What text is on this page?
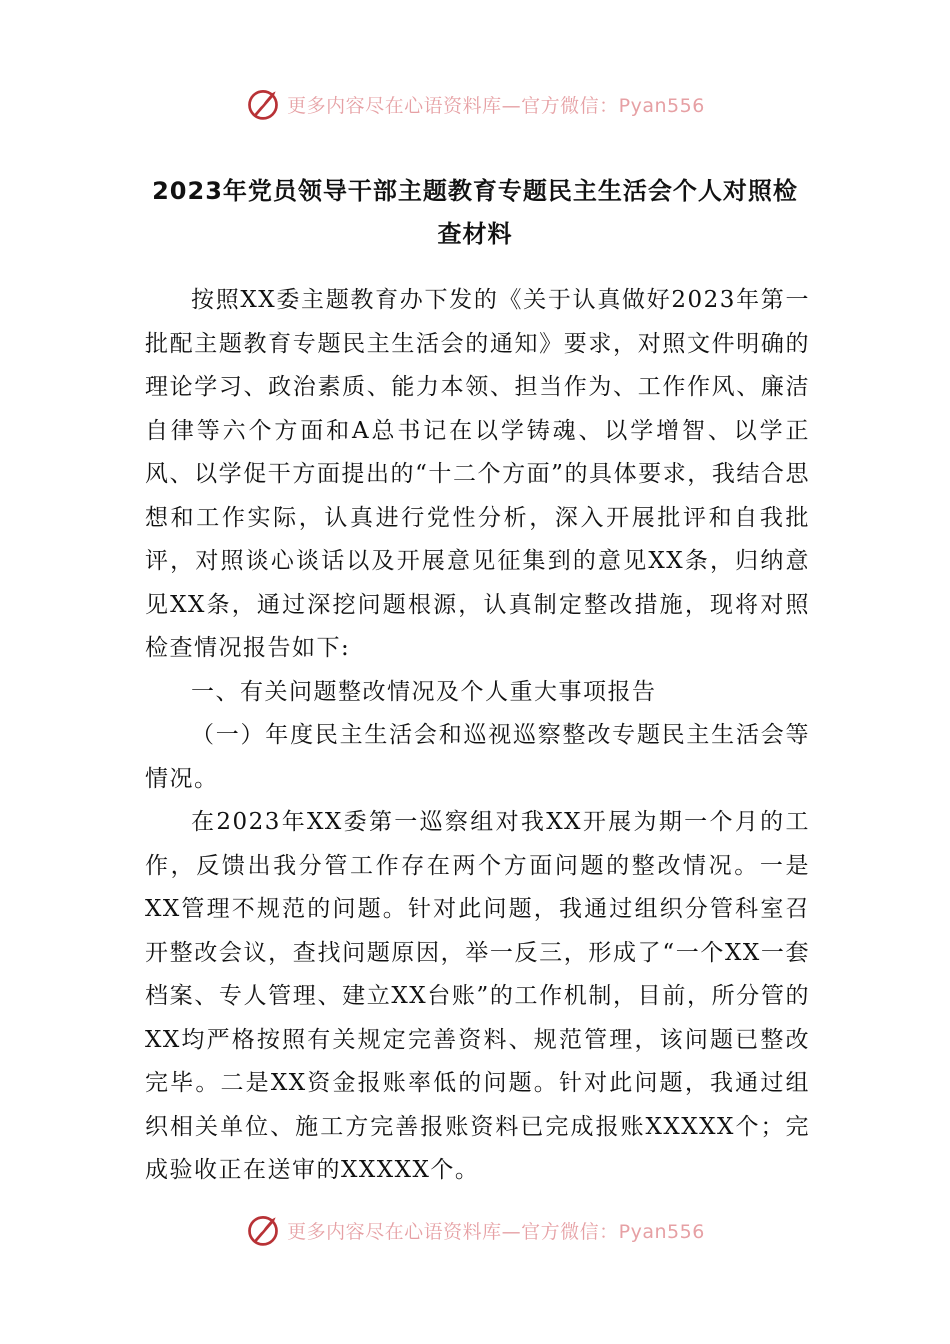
更多内容尽在心语资料库—官方微信：Pyan556
2023年党员领导干部主题教育专题民主生活会个人对照检查材料

按照XX委主题教育办下发的《关于认真做好2023年第一批配主题教育专题民主生活会的通知》要求，对照文件明确的理论学习、政治素质、能力本领、担当作为、工作作风、廉洁自律等六个方面和A总书记在以学铸魂、以学增智、以学正风、以学促干方面提出的“十二个方面”的具体要求，我结合思想和工作实际，认真进行党性分析，深入开展批评和自我批评，对照谈心谈话以及开展意见征集到的意见XX条，归纳意见XX条，通过深挖问题根源，认真制定整改措施，现将对照检查情况报告如下:

一、有关问题整改情况及个人重大事项报告

（一）年度民主生活会和巡视巡察整改专题民主生活会等情况。

在2023年XX委第一巡察组对我XX开展为期一个月的工作，反馈出我分管工作存在两个方面问题的整改情况。一是XX管理不规范的问题。针对此问题，我通过组织分管科室召开整改会议，查找问题原因，举一反三，形成了“一个XX一套档案、专人管理、建立XX台账”的工作机制，目前，所分管的XX均严格按照有关规定完善资料、规范管理，该问题已整改完毕。二是XX资金报账率低的问题。针对此问题，我通过组织相关单位、施工方完善报账资料已完成报账XXXXX个；完成验收正在送审的XXXXX个。

更多内容尽在心语资料库—官方微信：Pyan556
